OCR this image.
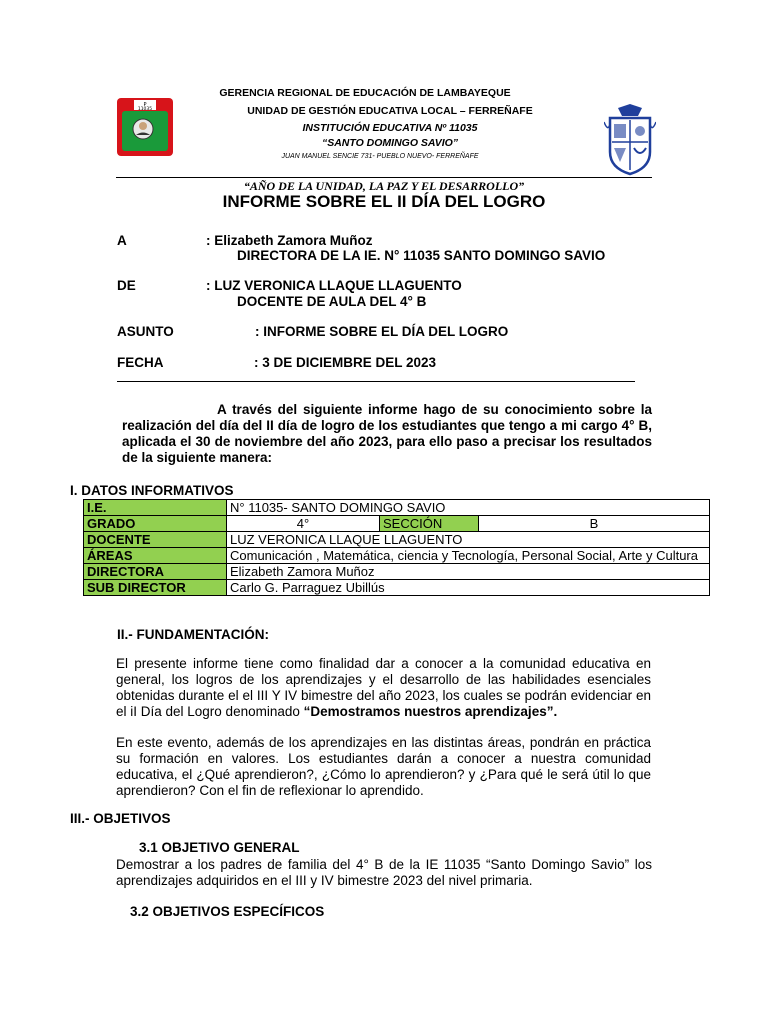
GERENCIA REGIONAL DE EDUCACIÓN DE LAMBAYEQUE
UNIDAD DE GESTIÓN EDUCATIVA LOCAL – FERREÑAFE
INSTITUCIÓN EDUCATIVA Nº 11035
“SANTO DOMINGO SAVIO”
JUAN MANUEL SENCIE 731- PUEBLO NUEVO- FERREÑAFE
P
11035
“AÑO DE LA UNIDAD, LA PAZ Y EL DESARROLLO”
INFORME SOBRE EL II DÍA DEL LOGRO
A	: Elizabeth Zamora Muñoz
DIRECTORA DE LA IE. N° 11035 SANTO DOMINGO SAVIO
DE	: LUZ VERONICA LLAQUE LLAGUENTO
DOCENTE DE AULA DEL 4° B
ASUNTO	: INFORME SOBRE EL DÍA DEL LOGRO
FECHA	: 3 DE DICIEMBRE DEL 2023
A través del siguiente informe hago de su conocimiento sobre la realización del día del II día de logro de los estudiantes que tengo a mi cargo 4° B, aplicada el 30 de noviembre del año 2023, para ello paso a precisar los resultados de la siguiente manera:
I. DATOS INFORMATIVOS
I.E.	N° 11035- SANTO DOMINGO SAVIO		
GRADO	4°	SECCIÓN	B
DOCENTE	LUZ VERONICA LLAQUE LLAGUENTO		
ÁREAS	Comunicación , Matemática, ciencia y Tecnología, Personal Social, Arte y Cultura		
DIRECTORA	Elizabeth Zamora Muñoz		
SUB DIRECTOR	Carlo G. Parraguez Ubillús		
II.- FUNDAMENTACIÓN:
El presente informe tiene como finalidad dar a conocer a la comunidad educativa en general, los logros de los aprendizajes y el desarrollo de las habilidades esenciales obtenidas durante el el III Y IV bimestre del año 2023, los cuales se podrán evidenciar en el iI Día del Logro denominado “Demostramos nuestros aprendizajes”.
En este evento, además de los aprendizajes en las distintas áreas, pondrán en práctica su formación en valores. Los estudiantes darán a conocer a nuestra comunidad educativa, el ¿Qué aprendieron?, ¿Cómo lo aprendieron? y ¿Para qué le será útil lo que aprendieron? Con el fin de reflexionar lo aprendido.
III.- OBJETIVOS
3.1 OBJETIVO GENERAL
Demostrar a los padres de familia del 4° B de la IE 11035 “Santo Domingo Savio” los aprendizajes adquiridos en el III y IV bimestre 2023 del nivel primaria.
3.2 OBJETIVOS ESPECÍFICOS
